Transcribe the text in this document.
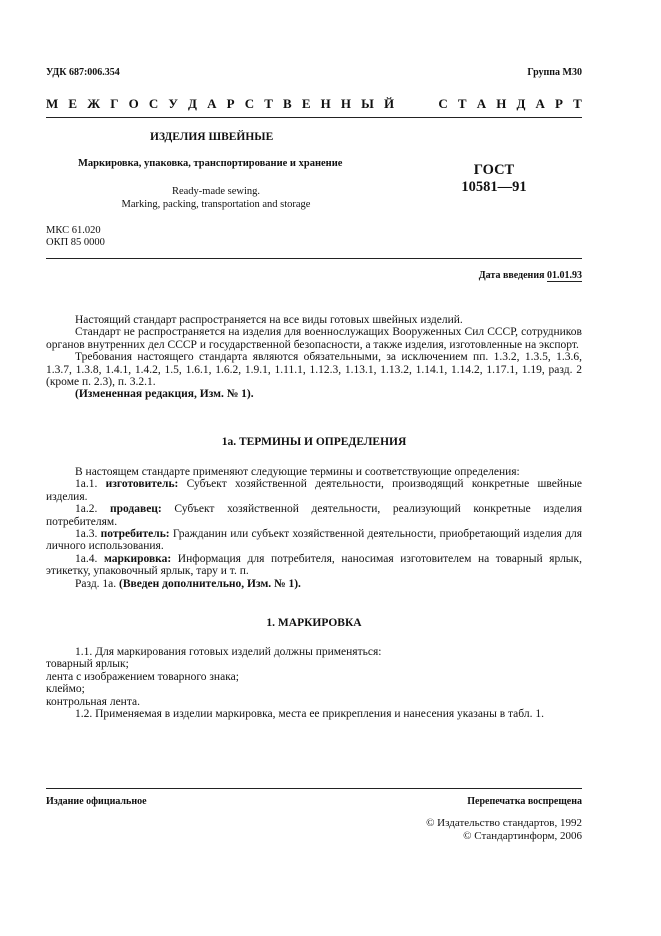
УДК 687:006.354	Группа М30
М Е Ж Г О С У Д А Р С Т В Е Н Н Ы Й	С Т А Н Д А Р Т
ИЗДЕЛИЯ ШВЕЙНЫЕ
Маркировка, упаковка, транспортирование и хранение
Ready-made sewing.
Marking, packing, transportation and storage
ГОСТ
10581—91
МКС 61.020
ОКП 85 0000
Дата введения 01.01.93

Настоящий стандарт распространяется на все виды готовых швейных изделий.

Стандарт не распространяется на изделия для военнослужащих Вооруженных Сил СССР, сотрудников органов внутренних дел СССР и государственной безопасности, а также изделия, изготовленные на экспорт.

Требования настоящего стандарта являются обязательными, за исключением пп. 1.3.2, 1.3.5, 1.3.6, 1.3.7, 1.3.8, 1.4.1, 1.4.2, 1.5, 1.6.1, 1.6.2, 1.9.1, 1.11.1, 1.12.3, 1.13.1, 1.13.2, 1.14.1, 1.14.2, 1.17.1, 1.19, разд. 2 (кроме п. 2.3), п. 3.2.1.

(Измененная редакция, Изм. № 1).

1а. ТЕРМИНЫ И ОПРЕДЕЛЕНИЯ

В настоящем стандарте применяют следующие термины и соответствующие определения:

1а.1. изготовитель: Субъект хозяйственной деятельности, производящий конкретные швейные изделия.

1а.2. продавец: Субъект хозяйственной деятельности, реализующий конкретные изделия потребителям.

1а.3. потребитель: Гражданин или субъект хозяйственной деятельности, приобретающий изделия для личного использования.

1а.4. маркировка: Информация для потребителя, наносимая изготовителем на товарный ярлык, этикетку, упаковочный ярлык, тару и т. п.

Разд. 1а. (Введен дополнительно, Изм. № 1).

1. МАРКИРОВКА

1.1. Для маркирования готовых изделий должны применяться:

товарный ярлык;

лента с изображением товарного знака;

клеймо;

контрольная лента.

1.2. Применяемая в изделии маркировка, места ее прикрепления и нанесения указаны в табл. 1.

Издание официальное	Перепечатка воспрещена
© Издательство стандартов, 1992
© Стандартинформ, 2006
